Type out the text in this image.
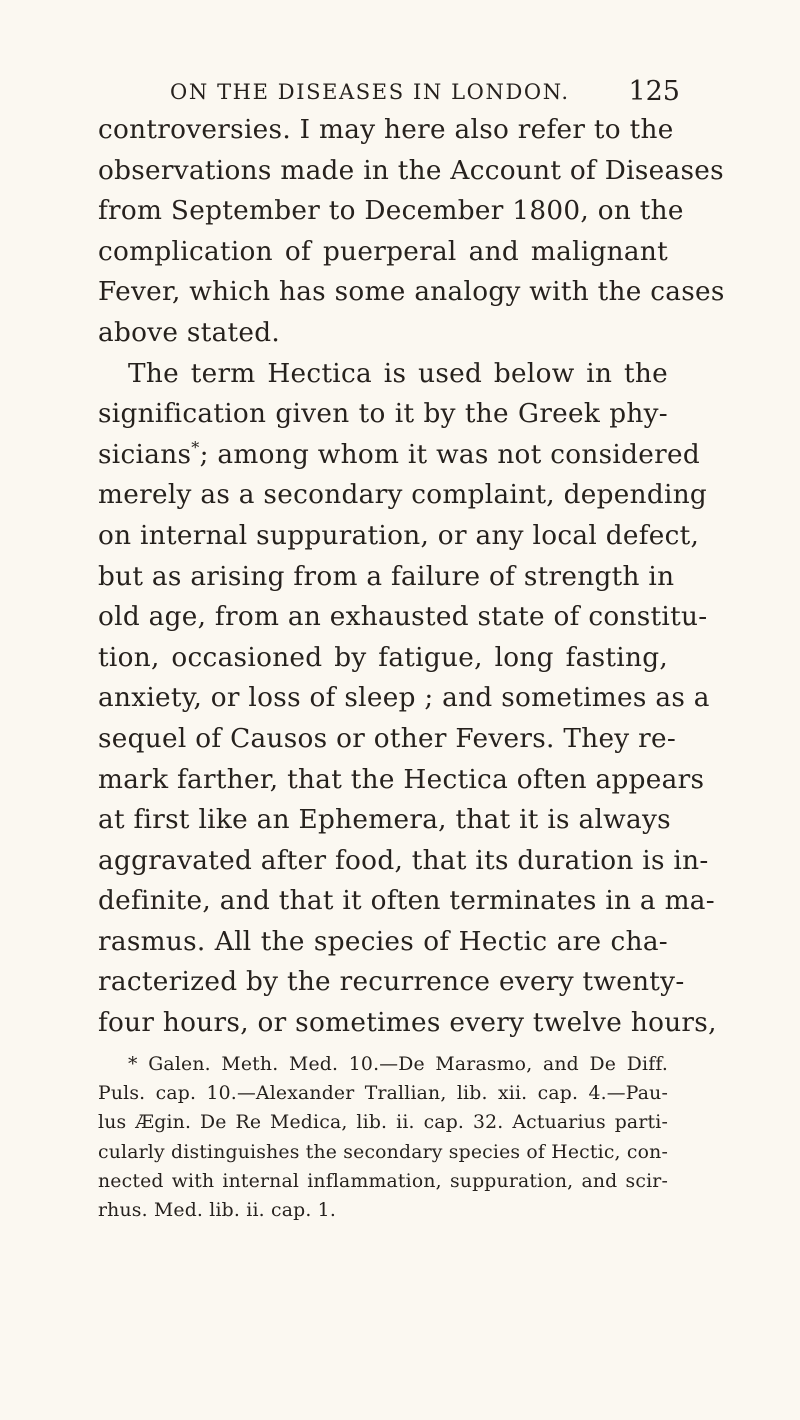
ON THE DISEASES IN LONDON. 125
controversies. I may here also refer to the
observations made in the Account of Diseases
from September to December 1800, on the
complication of puerperal and malignant
Fever, which has some analogy with the cases
above stated.
The term Hectica is used below in the
signification given to it by the Greek phy-
sicians*; among whom it was not considered
merely as a secondary complaint, depending
on internal suppuration, or any local defect,
but as arising from a failure of strength in
old age, from an exhausted state of constitu-
tion, occasioned by fatigue, long fasting,
anxiety, or loss of sleep ; and sometimes as a
sequel of Causos or other Fevers. They re-
mark farther, that the Hectica often appears
at first like an Ephemera, that it is always
aggravated after food, that its duration is in-
definite, and that it often terminates in a ma-
rasmus. All the species of Hectic are cha-
racterized by the recurrence every twenty-
four hours, or sometimes every twelve hours,
* Galen. Meth. Med. 10.—De Marasmo, and De Diff.
Puls. cap. 10.—Alexander Trallian, lib. xii. cap. 4.—Pau-
lus Ægin. De Re Medica, lib. ii. cap. 32. Actuarius parti-
cularly distinguishes the secondary species of Hectic, con-
nected with internal inflammation, suppuration, and scir-
rhus. Med. lib. ii. cap. 1.
